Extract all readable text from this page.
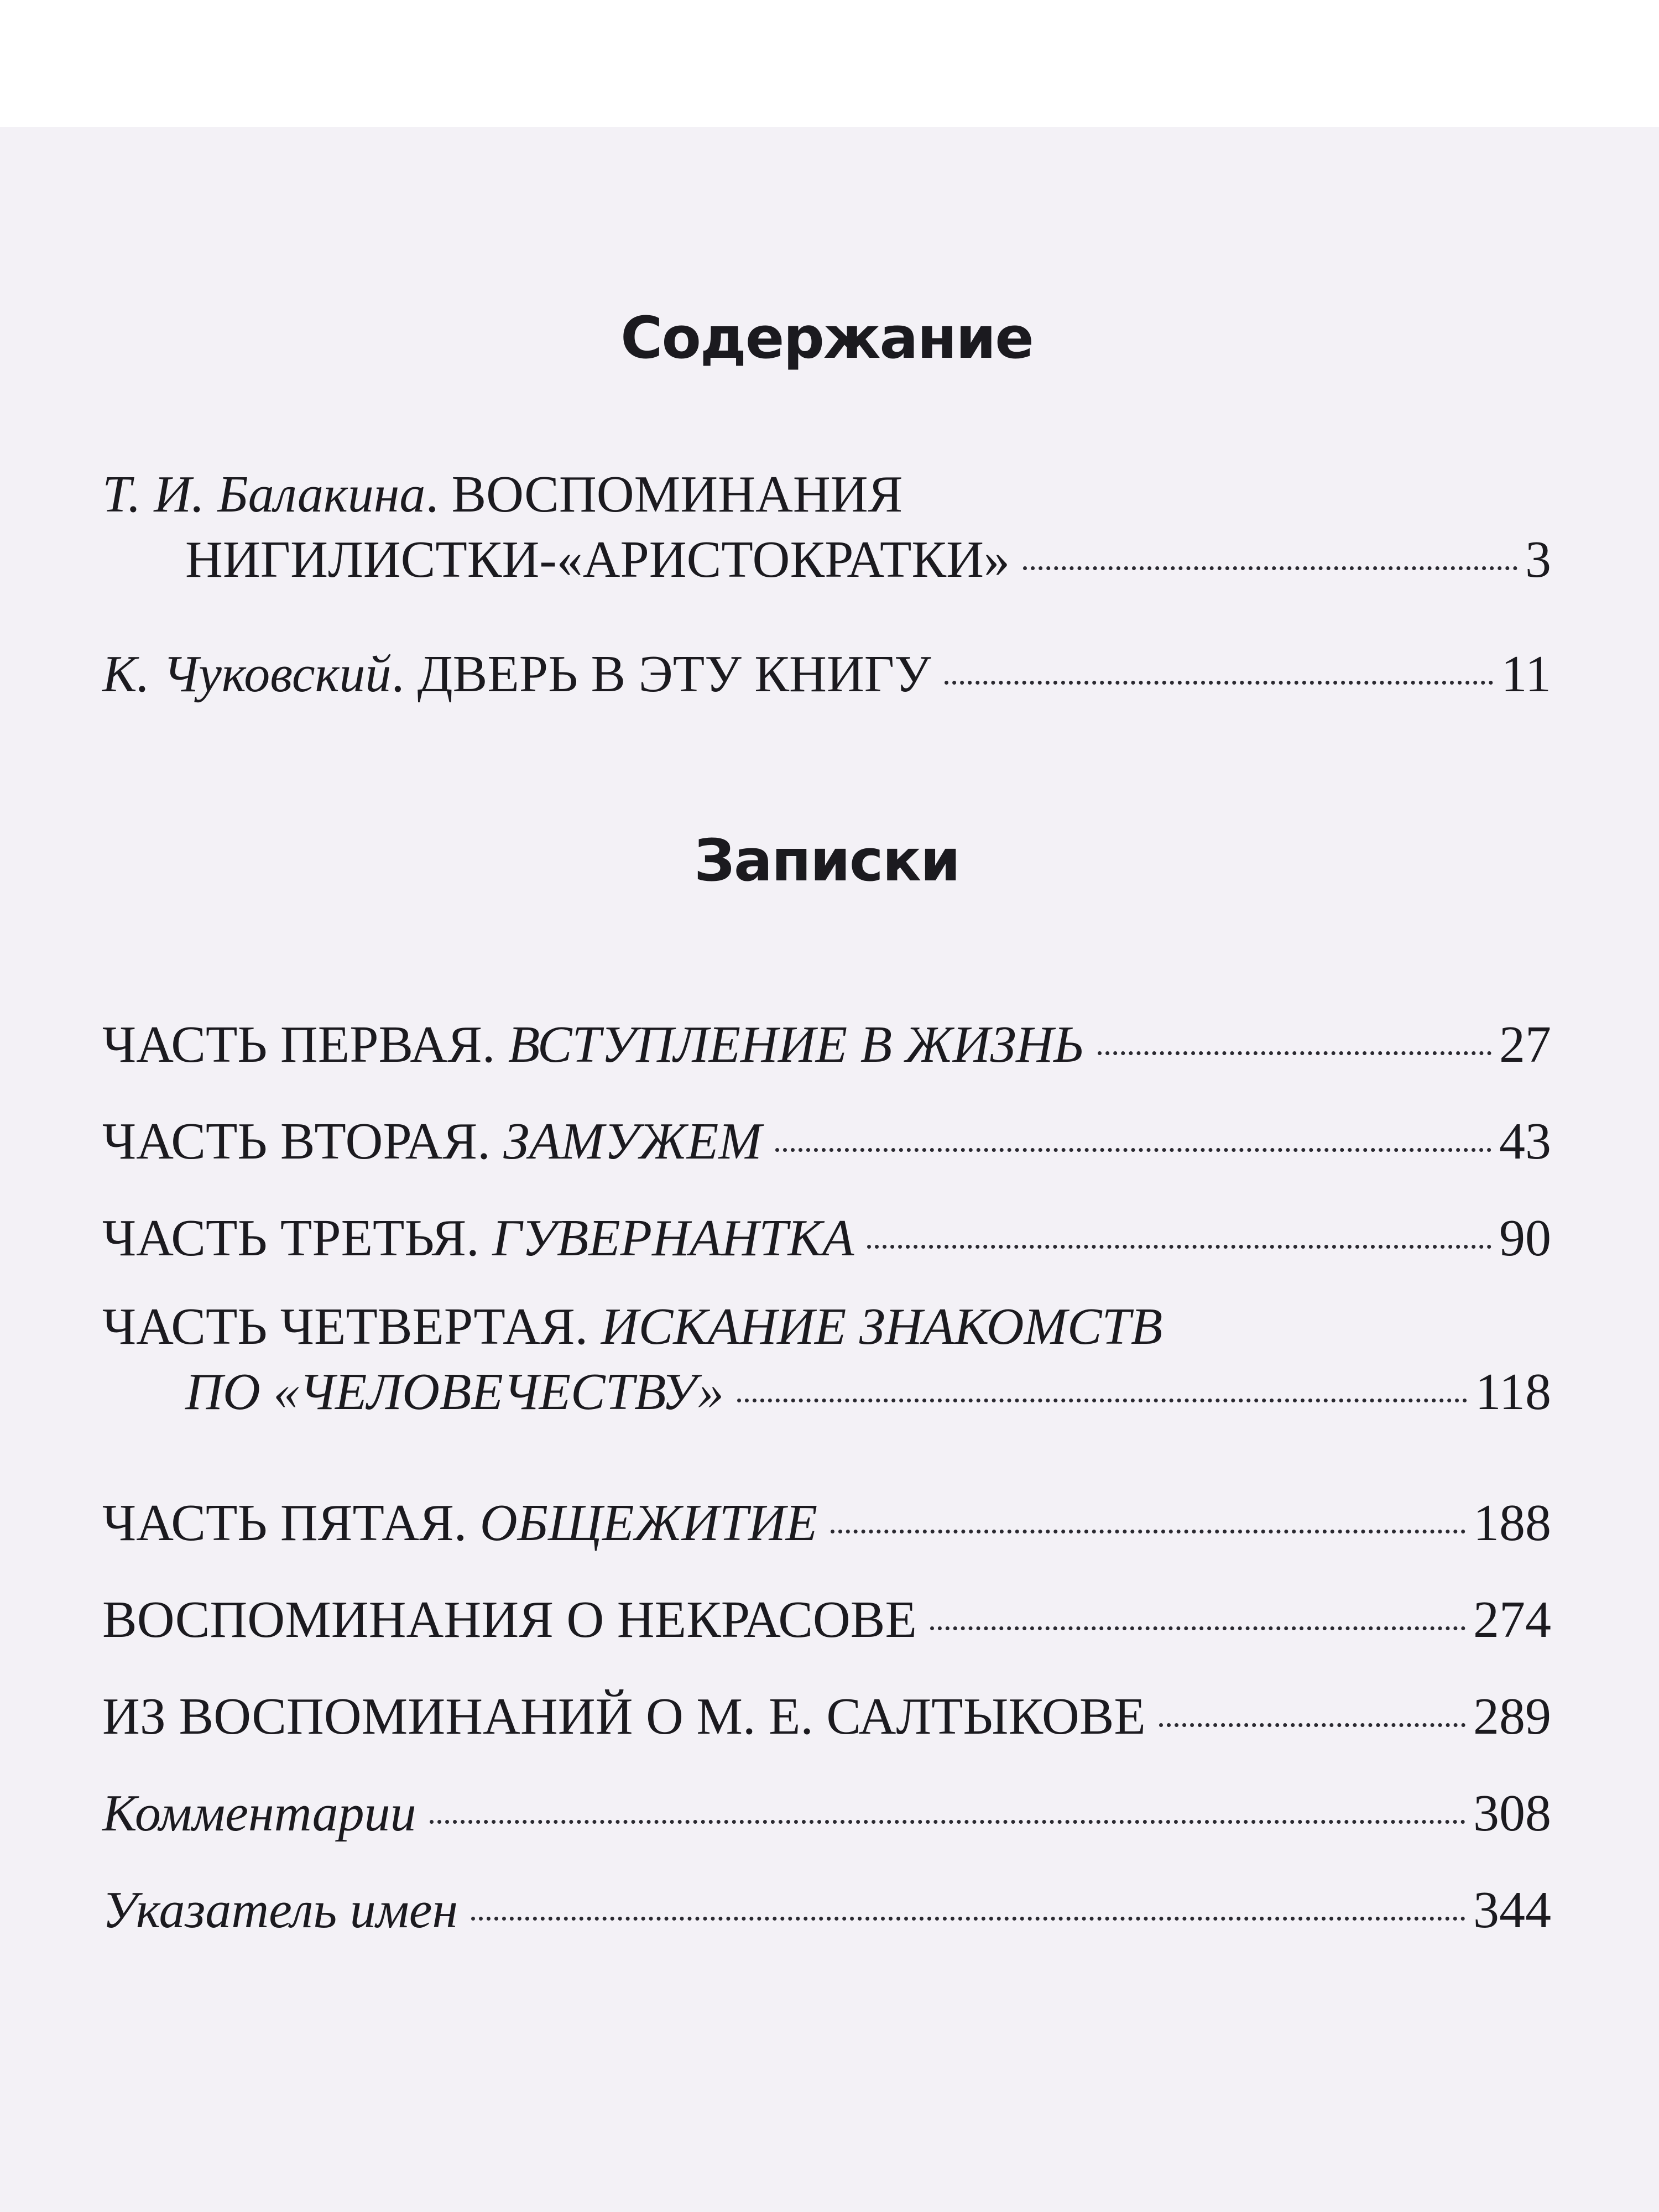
Содержание
Т. И. Балакина. ВОСПОМИНАНИЯ
НИГИЛИСТКИ-«АРИСТОКРАТКИ»	3
К. Чуковский. ДВЕРЬ В ЭТУ КНИГУ	11
Записки
ЧАСТЬ ПЕРВАЯ. ВСТУПЛЕНИЕ В ЖИЗНЬ	27
ЧАСТЬ ВТОРАЯ. ЗАМУЖЕМ	43
ЧАСТЬ ТРЕТЬЯ. ГУВЕРНАНТКА	90
ЧАСТЬ ЧЕТВЕРТАЯ. ИСКАНИЕ ЗНАКОМСТВ
ПО «ЧЕЛОВЕЧЕСТВУ»	118
ЧАСТЬ ПЯТАЯ. ОБЩЕЖИТИЕ	188
ВОСПОМИНАНИЯ О НЕКРАСОВЕ	274
ИЗ ВОСПОМИНАНИЙ О М. Е. САЛТЫКОВЕ	289
Комментарии	308
Указатель имен	344
